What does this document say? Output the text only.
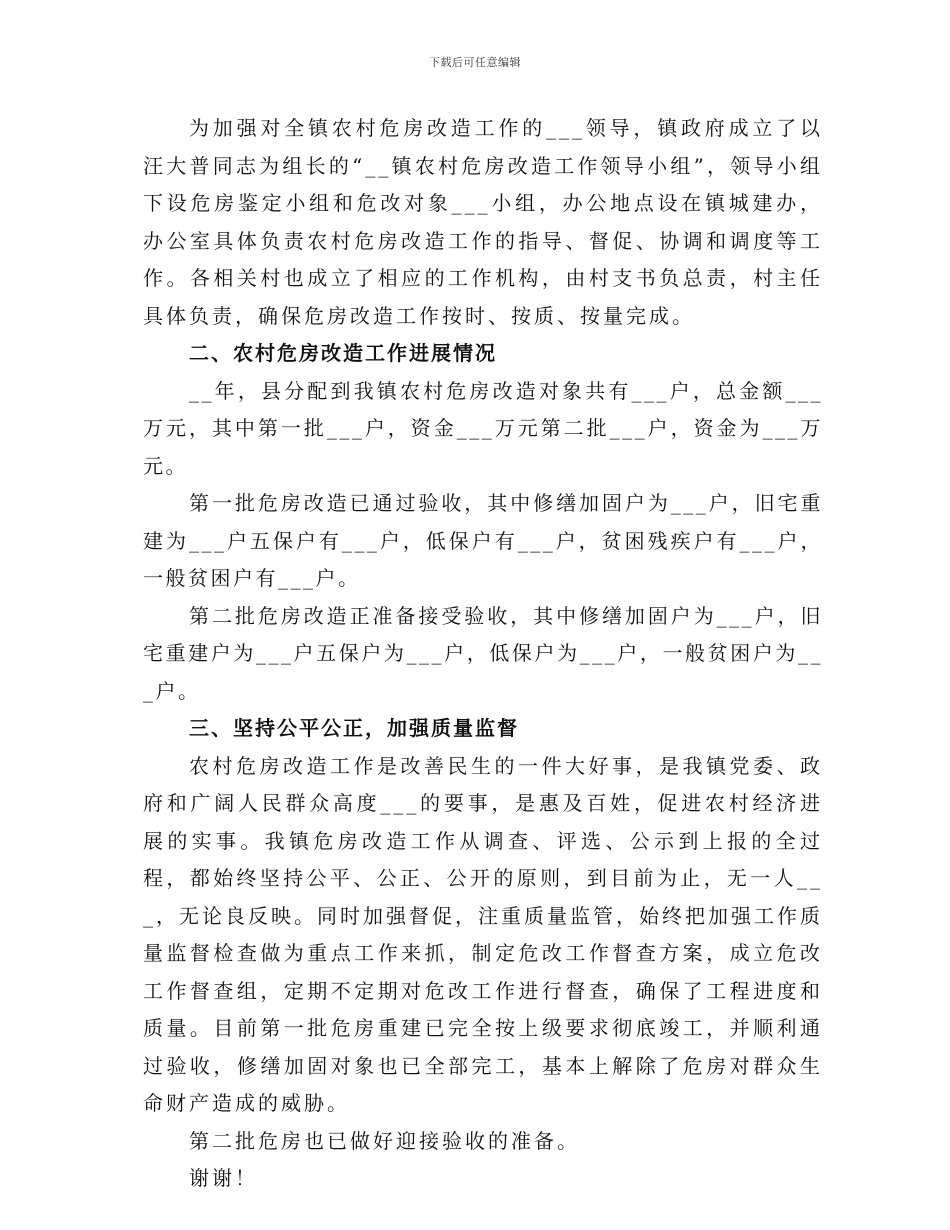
下载后可任意编辑

为加强对全镇农村危房改造工作的___领导，镇政府成立了以汪大普同志为组长的“__镇农村危房改造工作领导小组”，领导小组下设危房鉴定小组和危改对象___小组，办公地点设在镇城建办，办公室具体负责农村危房改造工作的指导、督促、协调和调度等工作。各相关村也成立了相应的工作机构，由村支书负总责，村主任具体负责，确保危房改造工作按时、按质、按量完成。

二、农村危房改造工作进展情况

__年，县分配到我镇农村危房改造对象共有___户，总金额___万元，其中第一批___户，资金___万元第二批___户，资金为___万元。

第一批危房改造已通过验收，其中修缮加固户为___户，旧宅重建为___户五保户有___户，低保户有___户，贫困残疾户有___户，一般贫困户有___户。

第二批危房改造正准备接受验收，其中修缮加固户为___户，旧宅重建户为___户五保户为___户，低保户为___户，一般贫困户为___户。

三、坚持公平公正，加强质量监督

农村危房改造工作是改善民生的一件大好事，是我镇党委、政府和广阔人民群众高度___的要事，是惠及百姓，促进农村经济进展的实事。我镇危房改造工作从调查、评选、公示到上报的全过程，都始终坚持公平、公正、公开的原则，到目前为止，无一人___，无论良反映。同时加强督促，注重质量监管，始终把加强工作质量监督检查做为重点工作来抓，制定危改工作督查方案，成立危改工作督查组，定期不定期对危改工作进行督查，确保了工程进度和质量。目前第一批危房重建已完全按上级要求彻底竣工，并顺利通过验收，修缮加固对象也已全部完工，基本上解除了危房对群众生命财产造成的威胁。

第二批危房也已做好迎接验收的准备。

谢谢！
